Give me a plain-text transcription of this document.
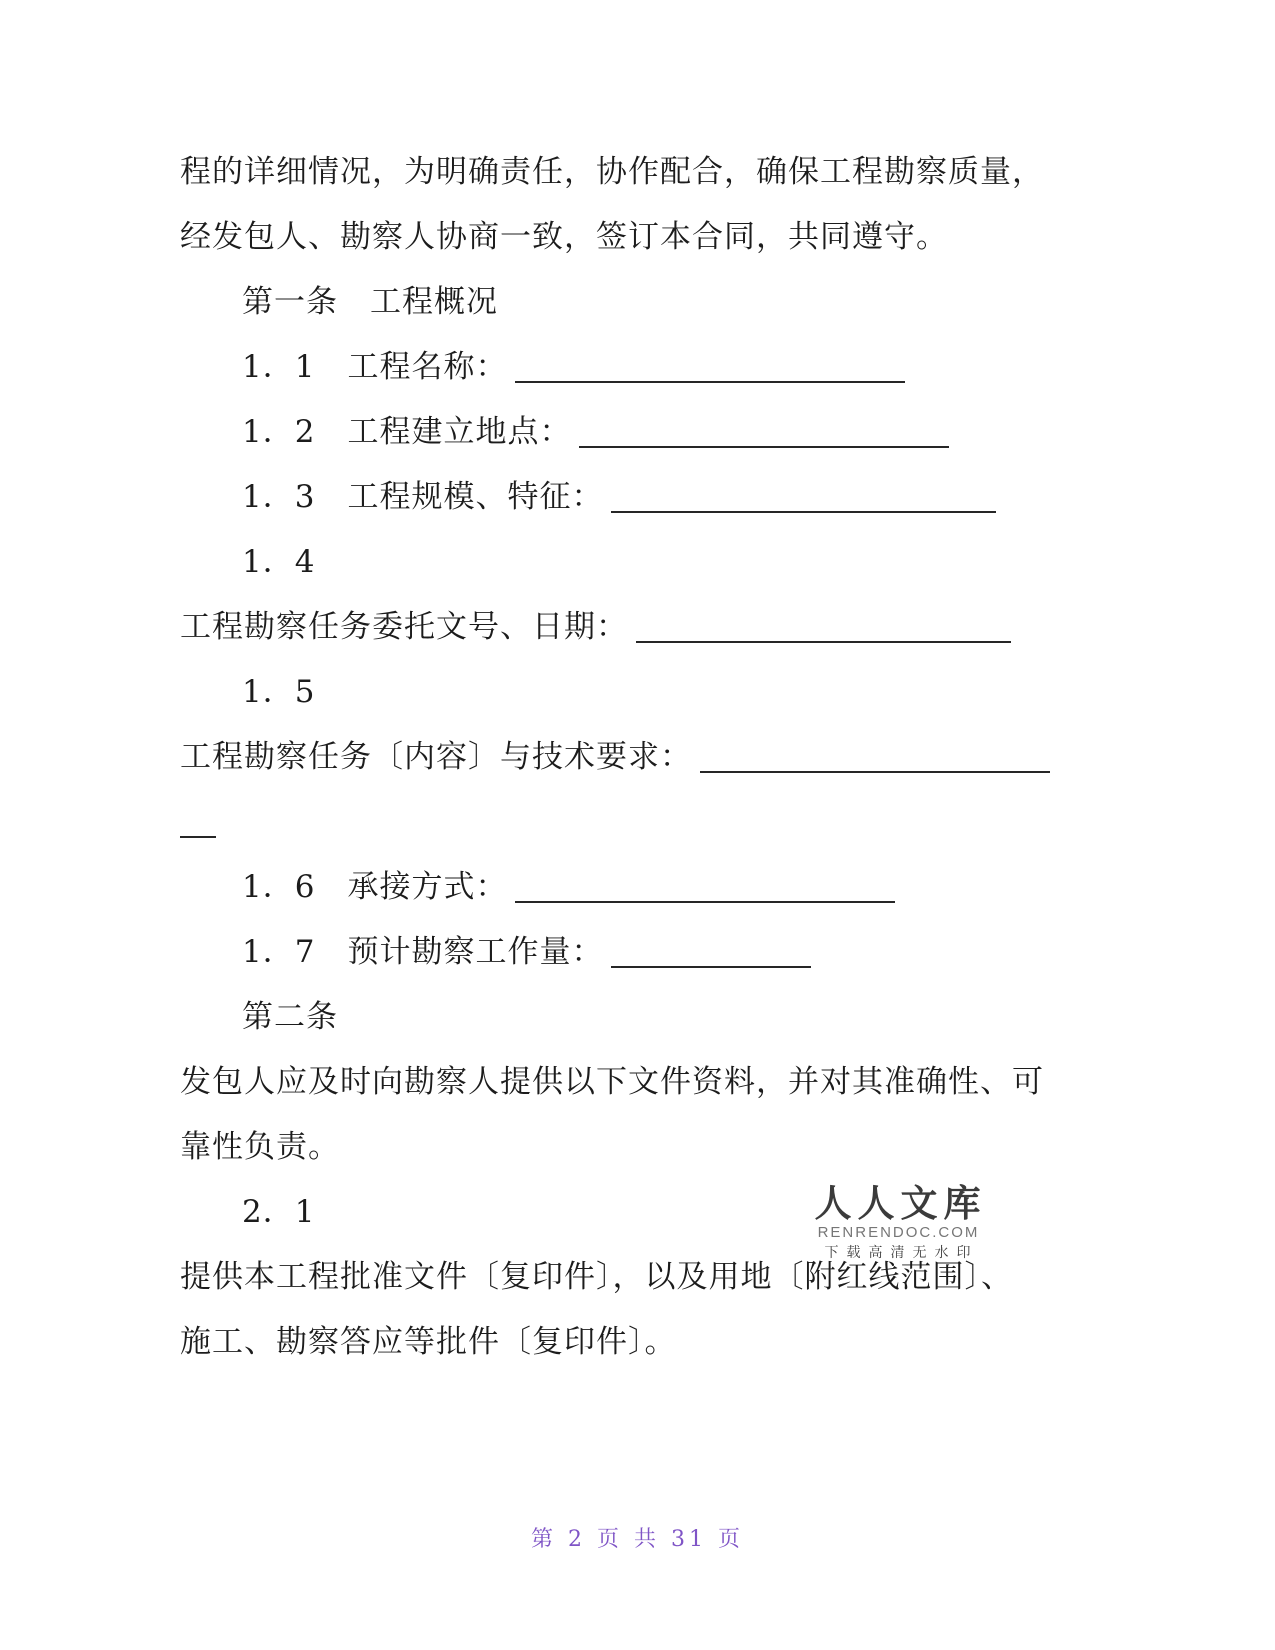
程的详细情况，为明确责任，协作配合，确保工程勘察质量，
经发包人、勘察人协商一致，签订本合同，共同遵守。
第一条　工程概况
1．1　工程名称：
1．2　工程建立地点：
1．3　工程规模、特征：
1．4
工程勘察任务委托文号、日期：
1．5
工程勘察任务〔内容〕与技术要求：
1．6　承接方式：
1．7　预计勘察工作量：
第二条
发包人应及时向勘察人提供以下文件资料，并对其准确性、可
靠性负责。
2．1
提供本工程批准文件〔复印件〕，以及用地〔附红线范围〕、
施工、勘察答应等批件〔复印件〕。
人人文库
RENRENDOC.COM
下载高清无水印
第 2 页 共 31 页
